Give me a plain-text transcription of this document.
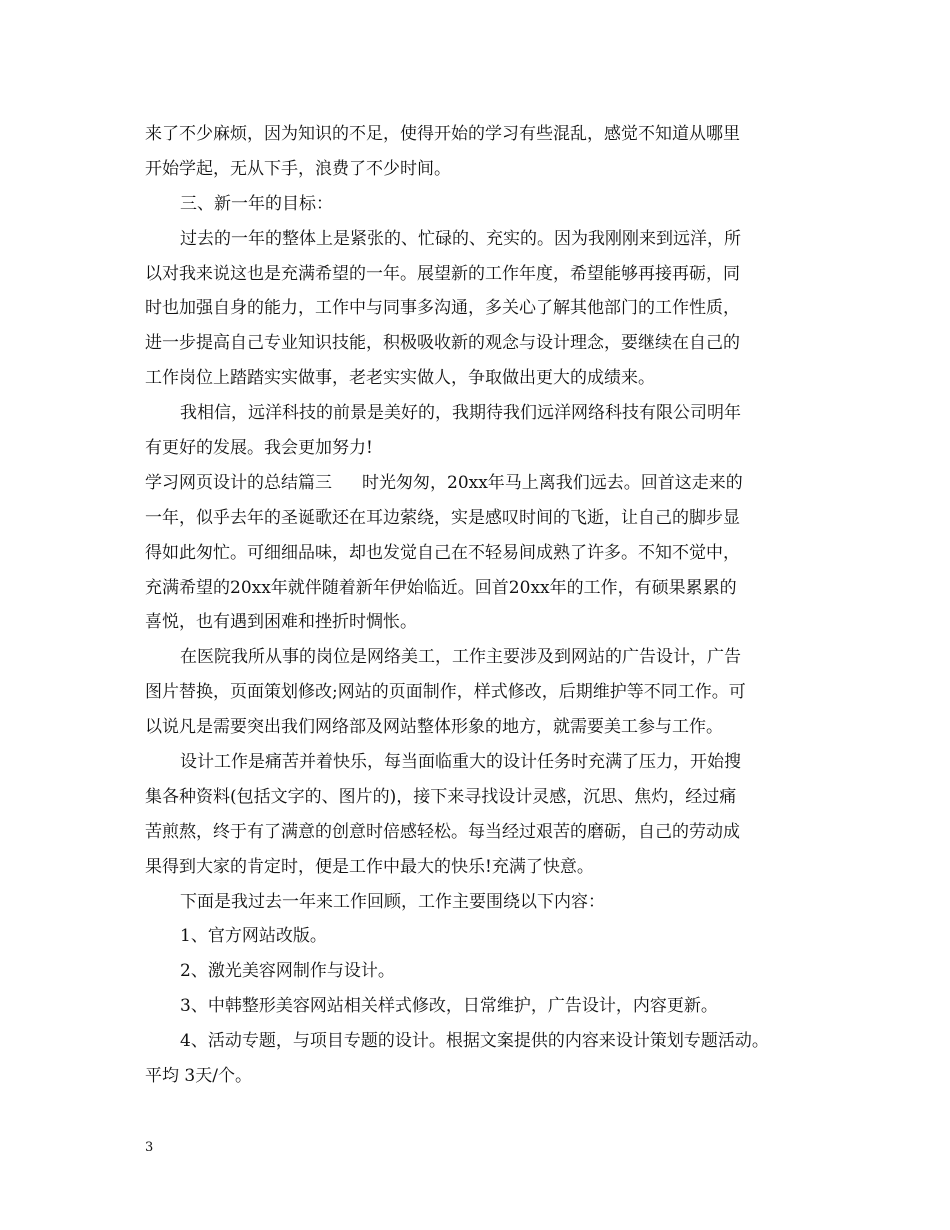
来了不少麻烦，因为知识的不足，使得开始的学习有些混乱，感觉不知道从哪里
开始学起，无从下手，浪费了不少时间。
三、新一年的目标：
过去的一年的整体上是紧张的、忙碌的、充实的。因为我刚刚来到远洋，所
以对我来说这也是充满希望的一年。展望新的工作年度，希望能够再接再砺，同
时也加强自身的能力，工作中与同事多沟通，多关心了解其他部门的工作性质，
进一步提高自己专业知识技能，积极吸收新的观念与设计理念，要继续在自己的
工作岗位上踏踏实实做事，老老实实做人，争取做出更大的成绩来。
我相信，远洋科技的前景是美好的，我期待我们远洋网络科技有限公司明年
有更好的发展。我会更加努力!
学习网页设计的总结篇三 时光匆匆，20xx年马上离我们远去。回首这走来的
一年，似乎去年的圣诞歌还在耳边萦绕，实是感叹时间的飞逝，让自己的脚步显
得如此匆忙。可细细品味，却也发觉自己在不轻易间成熟了许多。不知不觉中，
充满希望的20xx年就伴随着新年伊始临近。回首20xx年的工作，有硕果累累的
喜悦，也有遇到困难和挫折时惆怅。
在医院我所从事的岗位是网络美工，工作主要涉及到网站的广告设计，广告
图片替换，页面策划修改;网站的页面制作，样式修改，后期维护等不同工作。可
以说凡是需要突出我们网络部及网站整体形象的地方，就需要美工参与工作。
设计工作是痛苦并着快乐，每当面临重大的设计任务时充满了压力，开始搜
集各种资料(包括文字的、图片的)，接下来寻找设计灵感，沉思、焦灼，经过痛
苦煎熬，终于有了满意的创意时倍感轻松。每当经过艰苦的磨砺，自己的劳动成
果得到大家的肯定时，便是工作中最大的快乐!充满了快意。
下面是我过去一年来工作回顾，工作主要围绕以下内容：
1、官方网站改版。
2、激光美容网制作与设计。
3、中韩整形美容网站相关样式修改，日常维护，广告设计，内容更新。
4、活动专题，与项目专题的设计。根据文案提供的内容来设计策划专题活动。
平均 3天/个。
3
